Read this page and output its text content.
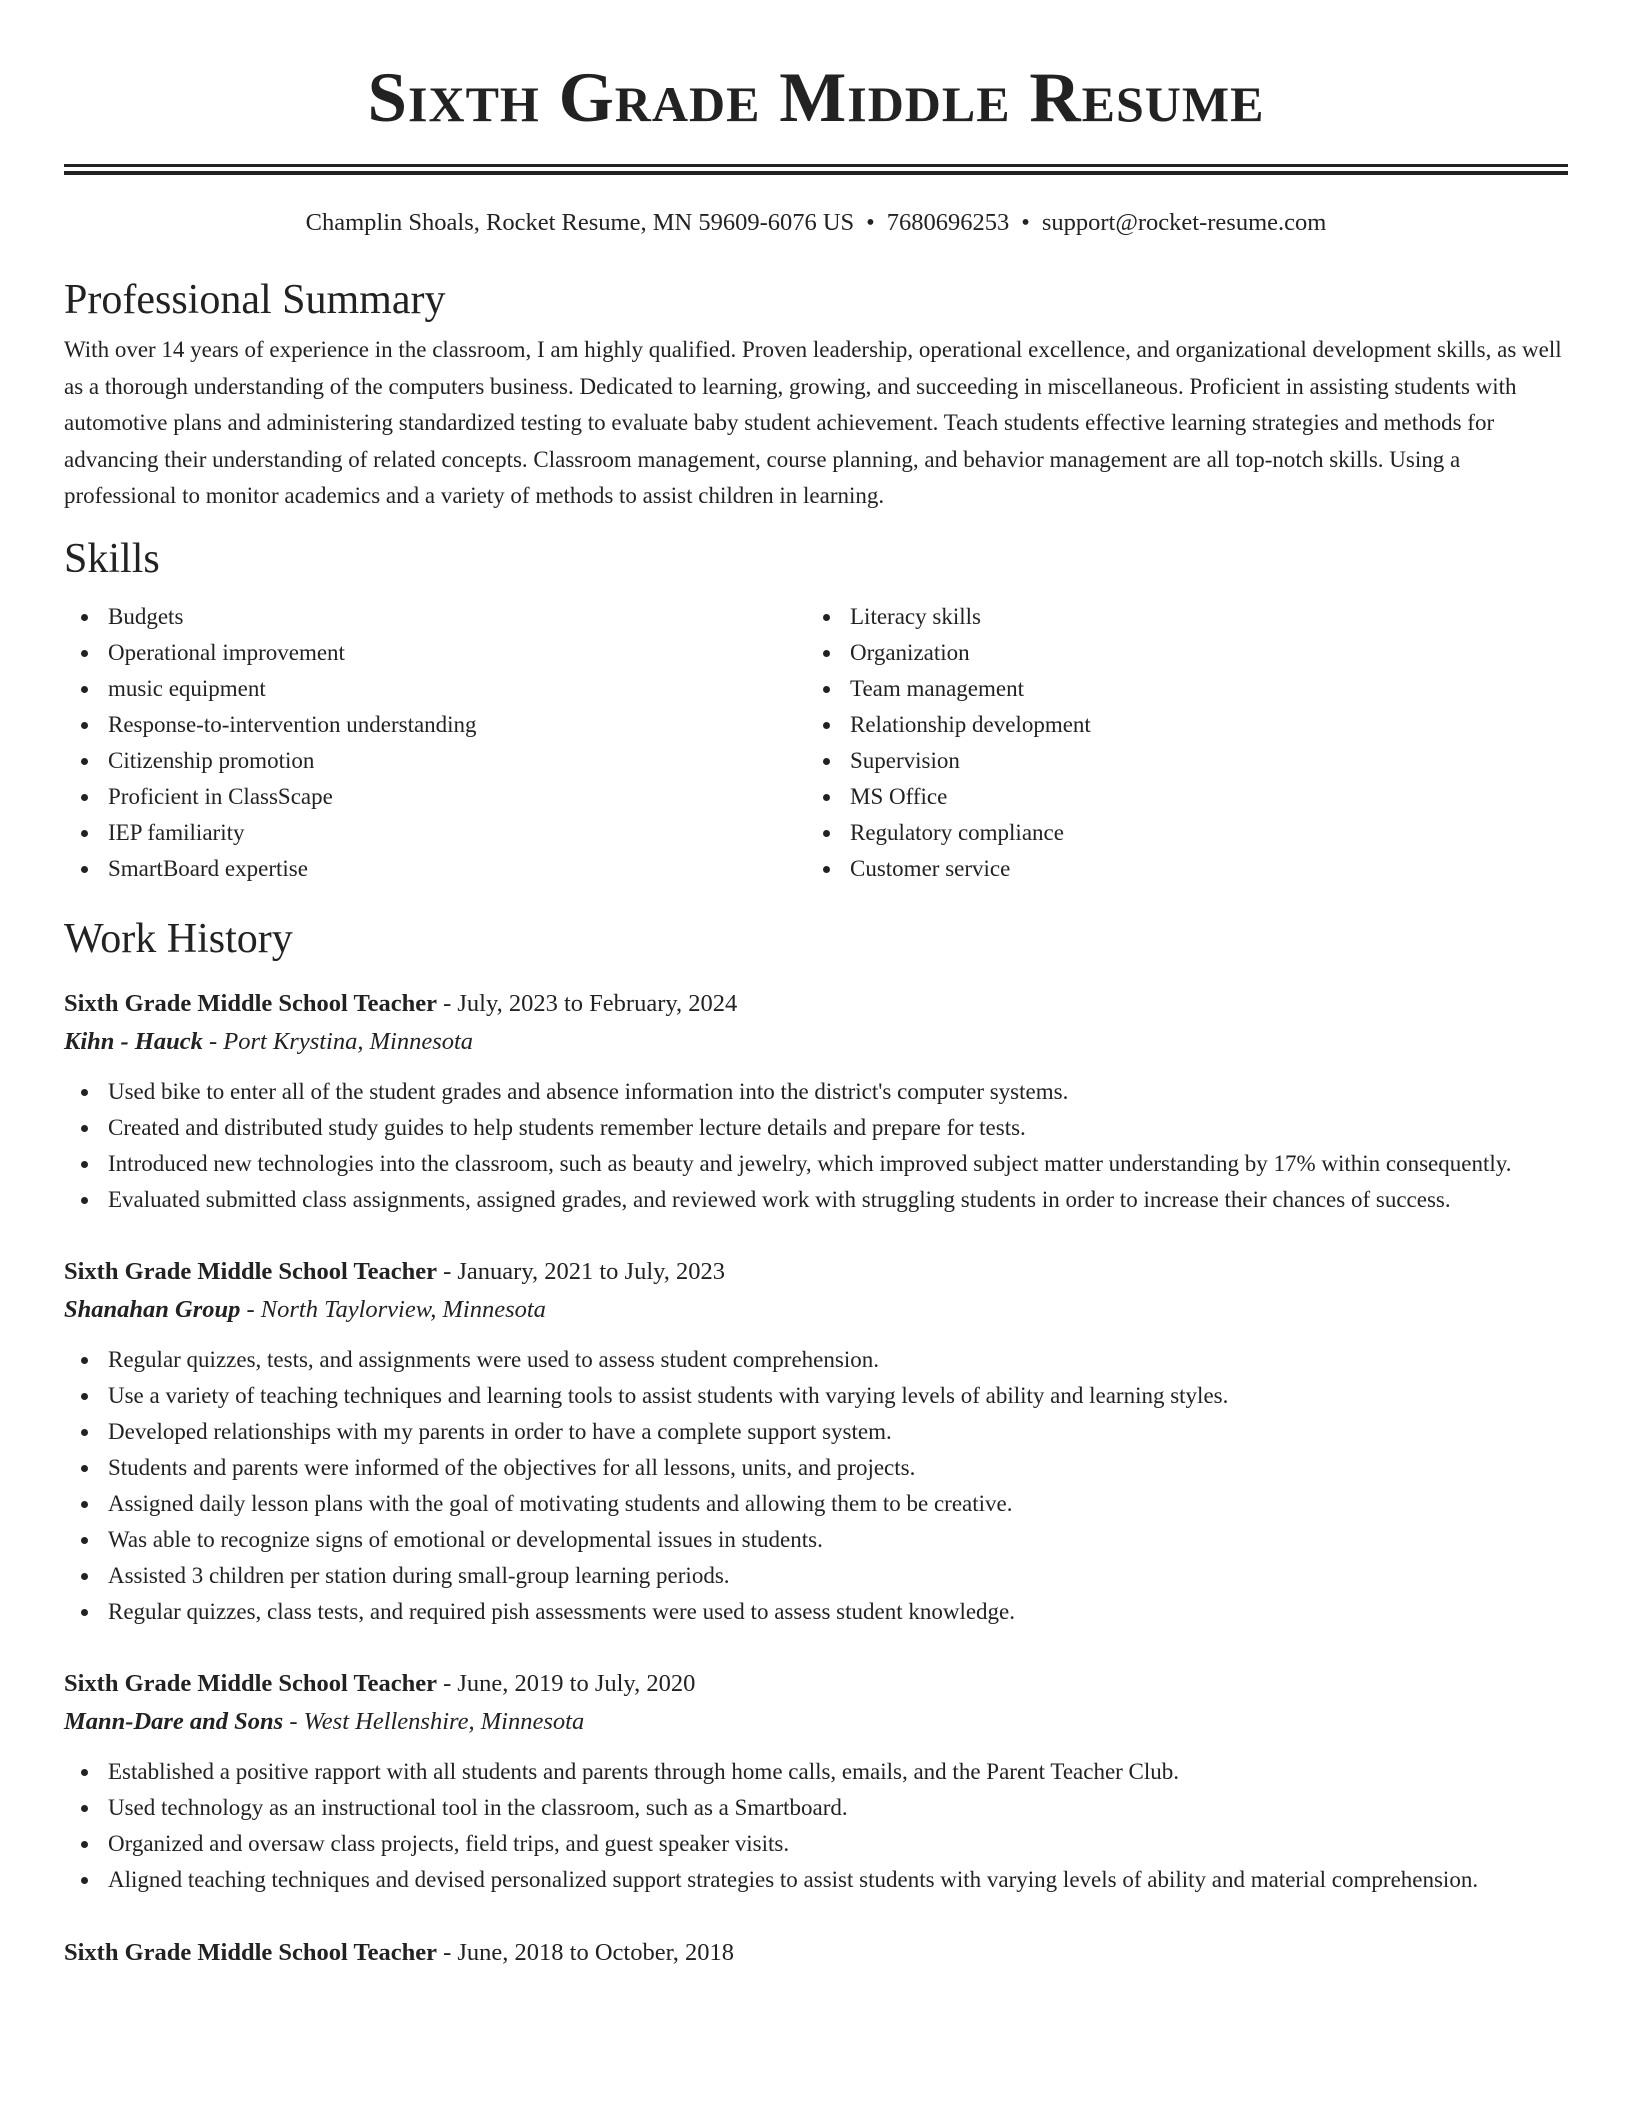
Sixth Grade Middle Resume
Champlin Shoals, Rocket Resume, MN 59609-6076 US • 7680696253 • support@rocket-resume.com
Professional Summary

With over 14 years of experience in the classroom, I am highly qualified. Proven leadership, operational excellence, and organizational development skills, as well as a thorough understanding of the computers business. Dedicated to learning, growing, and succeeding in miscellaneous. Proficient in assisting students with automotive plans and administering standardized testing to evaluate baby student achievement. Teach students effective learning strategies and methods for advancing their understanding of related concepts. Classroom management, course planning, and behavior management are all top-notch skills. Using a professional to monitor academics and a variety of methods to assist children in learning.

Skills
Budgets
Operational improvement
music equipment
Response-to-intervention understanding
Citizenship promotion
Proficient in ClassScape
IEP familiarity
SmartBoard expertise
Literacy skills
Organization
Team management
Relationship development
Supervision
MS Office
Regulatory compliance
Customer service
Work History
Sixth Grade Middle School Teacher - July, 2023 to February, 2024
Kihn - Hauck - Port Krystina, Minnesota
Used bike to enter all of the student grades and absence information into the district's computer systems.
Created and distributed study guides to help students remember lecture details and prepare for tests.
Introduced new technologies into the classroom, such as beauty and jewelry, which improved subject matter understanding by 17% within consequently.
Evaluated submitted class assignments, assigned grades, and reviewed work with struggling students in order to increase their chances of success.
Sixth Grade Middle School Teacher - January, 2021 to July, 2023
Shanahan Group - North Taylorview, Minnesota
Regular quizzes, tests, and assignments were used to assess student comprehension.
Use a variety of teaching techniques and learning tools to assist students with varying levels of ability and learning styles.
Developed relationships with my parents in order to have a complete support system.
Students and parents were informed of the objectives for all lessons, units, and projects.
Assigned daily lesson plans with the goal of motivating students and allowing them to be creative.
Was able to recognize signs of emotional or developmental issues in students.
Assisted 3 children per station during small-group learning periods.
Regular quizzes, class tests, and required pish assessments were used to assess student knowledge.
Sixth Grade Middle School Teacher - June, 2019 to July, 2020
Mann-Dare and Sons - West Hellenshire, Minnesota
Established a positive rapport with all students and parents through home calls, emails, and the Parent Teacher Club.
Used technology as an instructional tool in the classroom, such as a Smartboard.
Organized and oversaw class projects, field trips, and guest speaker visits.
Aligned teaching techniques and devised personalized support strategies to assist students with varying levels of ability and material comprehension.
Sixth Grade Middle School Teacher - June, 2018 to October, 2018
